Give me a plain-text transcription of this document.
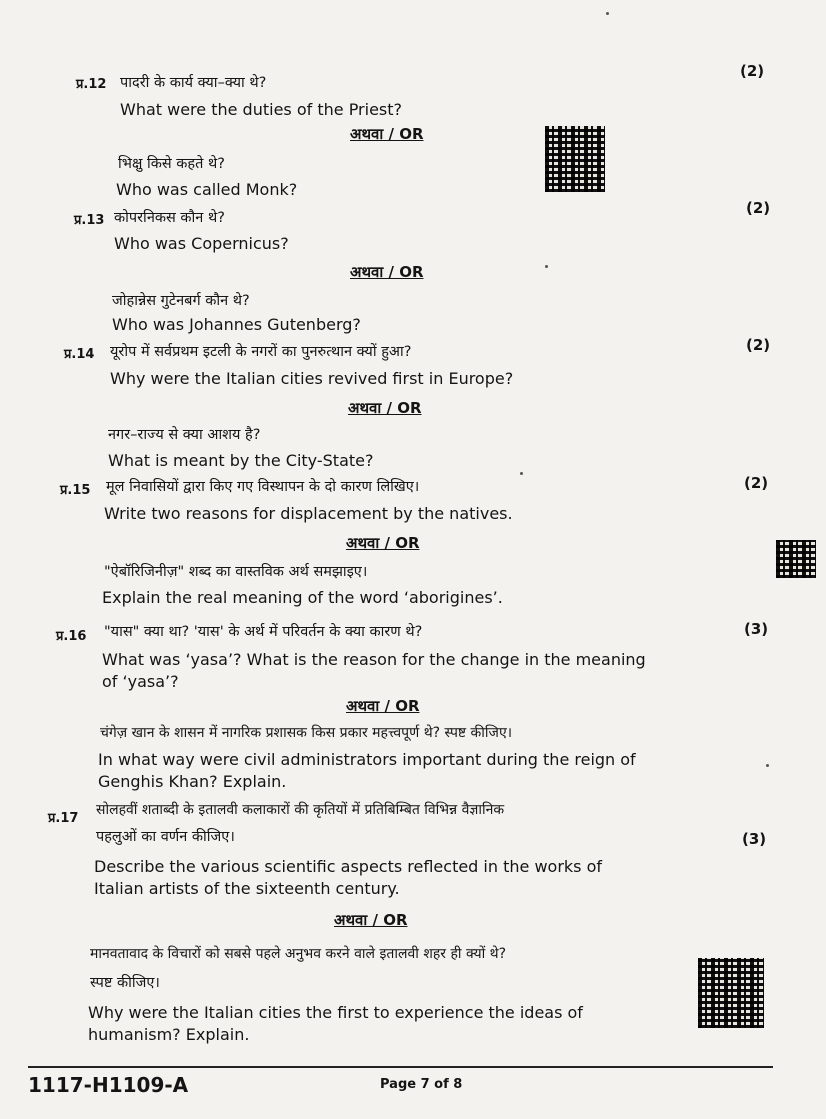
प्र.12 पादरी के कार्य क्या–क्या थे?
(2)
What were the duties of the Priest?
अथवा / OR
भिक्षु किसे कहते थे?
Who was called Monk?
प्र.13 कोपरनिकस कौन थे?
(2)
Who was Copernicus?
अथवा / OR
जोहान्नेस गुटेनबर्ग कौन थे?
Who was Johannes Gutenberg?
प्र.14 यूरोप में सर्वप्रथम इटली के नगरों का पुनरुत्थान क्यों हुआ?	(2)
Why were the Italian cities revived first in Europe?
अथवा / OR
नगर–राज्य से क्या आशय है?
What is meant by the City-State?
प्र.15 मूल निवासियों द्वारा किए गए विस्थापन के दो कारण लिखिए।	(2)
Write two reasons for displacement by the natives.
अथवा / OR
"ऐबॉरिजिनीज़" शब्द का वास्तविक अर्थ समझाइए।
Explain the real meaning of the word ‘aborigines’.
प्र.16 "यास" क्या था? 'यास' के अर्थ में परिवर्तन के क्या कारण थे?	(3)
What was ‘yasa’? What is the reason for the change in the meaning of ‘yasa’?
अथवा / OR
चंगेज़ खान के शासन में नागरिक प्रशासक किस प्रकार महत्त्वपूर्ण थे? स्पष्ट कीजिए।
In what way were civil administrators important during the reign of Genghis Khan? Explain.
प्र.17
सोलहवीं शताब्दी के इतालवी कलाकारों की कृतियों में प्रतिबिम्बित विभिन्न वैज्ञानिक
पहलुओं का वर्णन कीजिए।	(3)
Describe the various scientific aspects reflected in the works of Italian artists of the sixteenth century.
अथवा / OR
मानवतावाद के विचारों को सबसे पहले अनुभव करने वाले इतालवी शहर ही क्यों थे?
स्पष्ट कीजिए।
Why were the Italian cities the first to experience the ideas of humanism? Explain.
1117-H1109-A	Page 7 of 8
